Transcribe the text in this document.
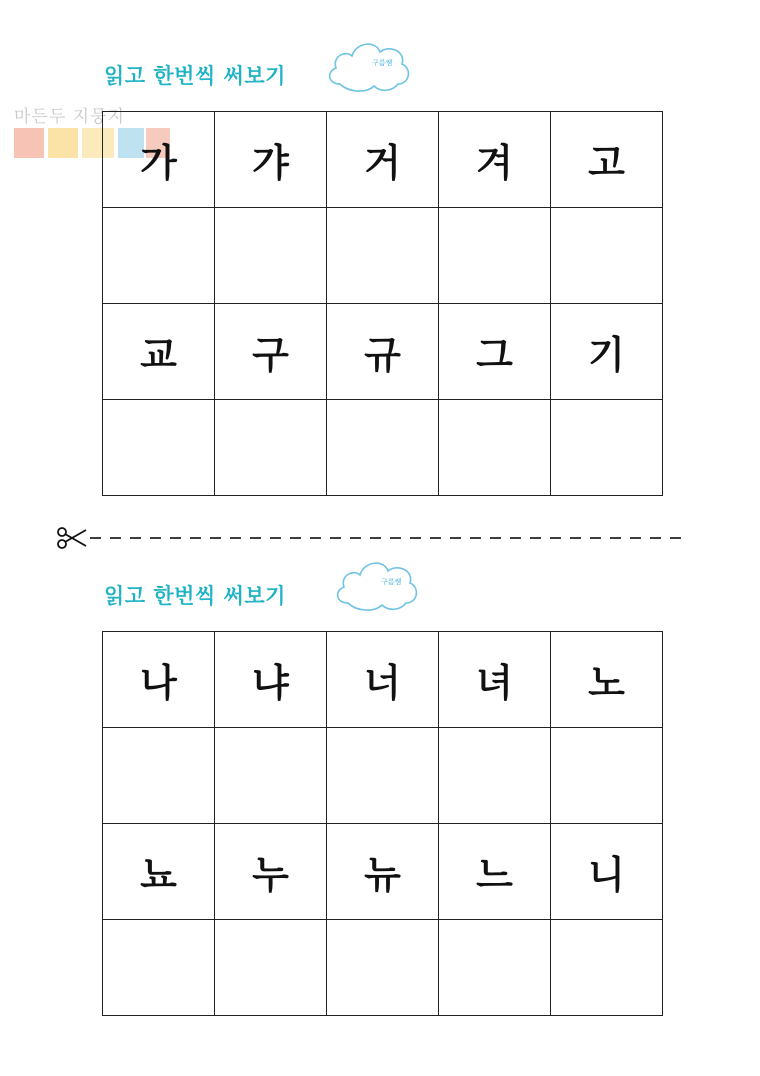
마든두 지뭉지
읽고 한번씩 써보기
구름쌤
가	갸	거	겨	고

교	구	규	그	기

읽고 한번씩 써보기
구름쌤
나	냐	너	녀	노

뇨	누	뉴	느	니
